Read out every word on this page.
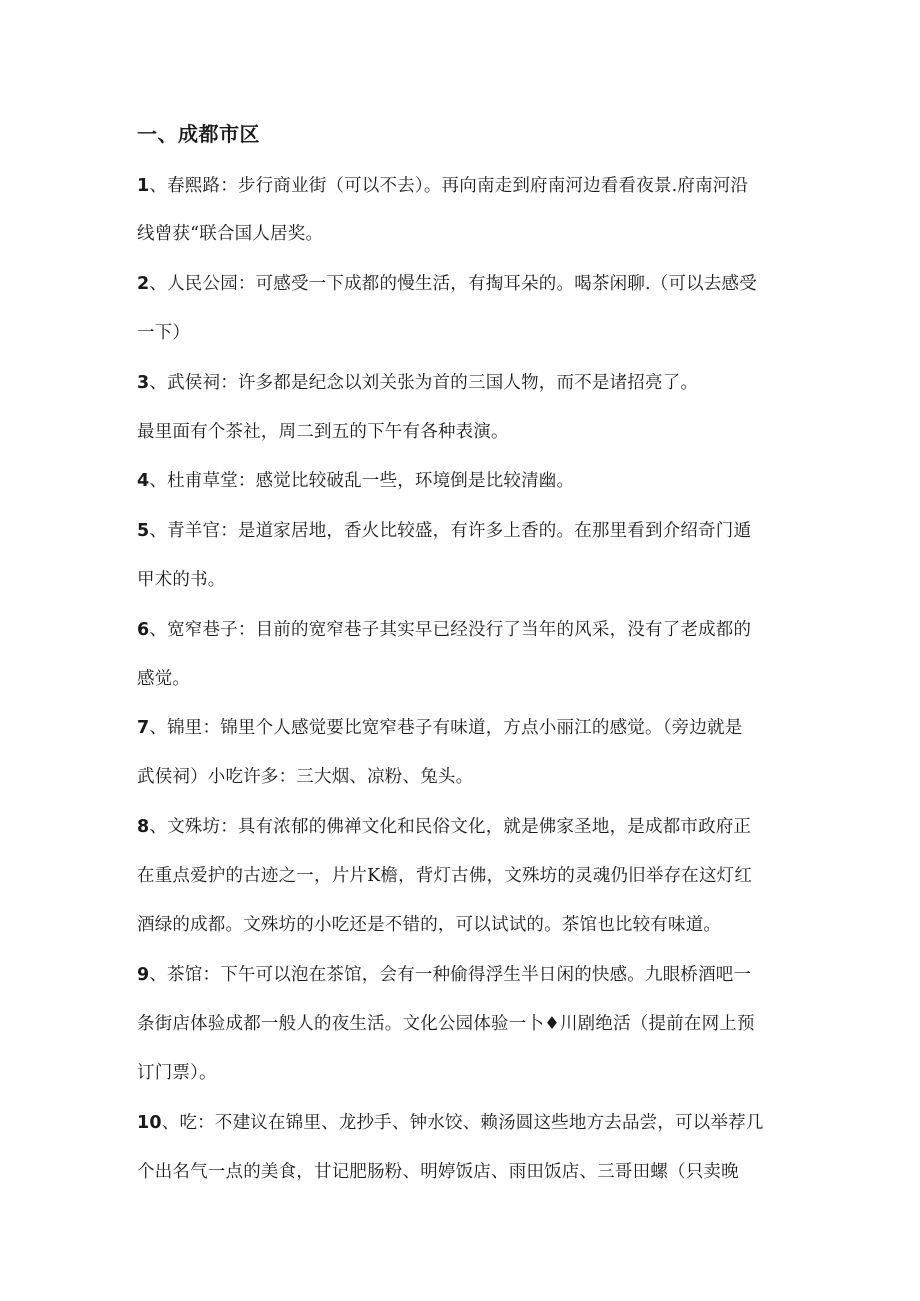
一、成都市区
1、春熙路：步行商业街（可以不去）。再向南走到府南河边看看夜景.府南河沿
线曾获“联合国人居奖。
2、人民公园：可感受一下成都的慢生活，有掏耳朵的。喝茶闲聊.（可以去感受
一下）
3、武侯祠：许多都是纪念以刘关张为首的三国人物，而不是诸招亮了。
最里面有个茶社，周二到五的下午有各种表演。
4、杜甫草堂：感觉比较破乱一些，环境倒是比较清幽。
5、青羊官：是道家居地，香火比较盛，有许多上香的。在那里看到介绍奇门遁
甲术的书。
6、宽窄巷子：目前的宽窄巷子其实早已经没行了当年的风采，没有了老成都的
感觉。
7、锦里：锦里个人感觉要比宽窄巷子有味道，方点小丽江的感觉。（旁边就是
武侯祠）小吃许多：三大烟、凉粉、兔头。
8、文殊坊：具有浓郁的佛禅文化和民俗文化，就是佛家圣地，是成都市政府正
在重点爱护的古迹之一，片片K檐，背灯古佛，文殊坊的灵魂仍旧举存在这灯红
酒绿的成都。文殊坊的小吃还是不错的，可以试试的。茶馆也比较有味道。
9、茶馆：下午可以泡在茶馆，会有一种偷得浮生半日闲的快感。九眼桥酒吧一
条街店体验成都一般人的夜生活。文化公园体验一卜♦川剧绝活（提前在网上预
订门票）。
10、吃：不建议在锦里、龙抄手、钟水饺、赖汤圆这些地方去品尝，可以举荐几
个出名气一点的美食，甘记肥肠粉、明婷饭店、雨田饭店、三哥田螺（只卖晚
